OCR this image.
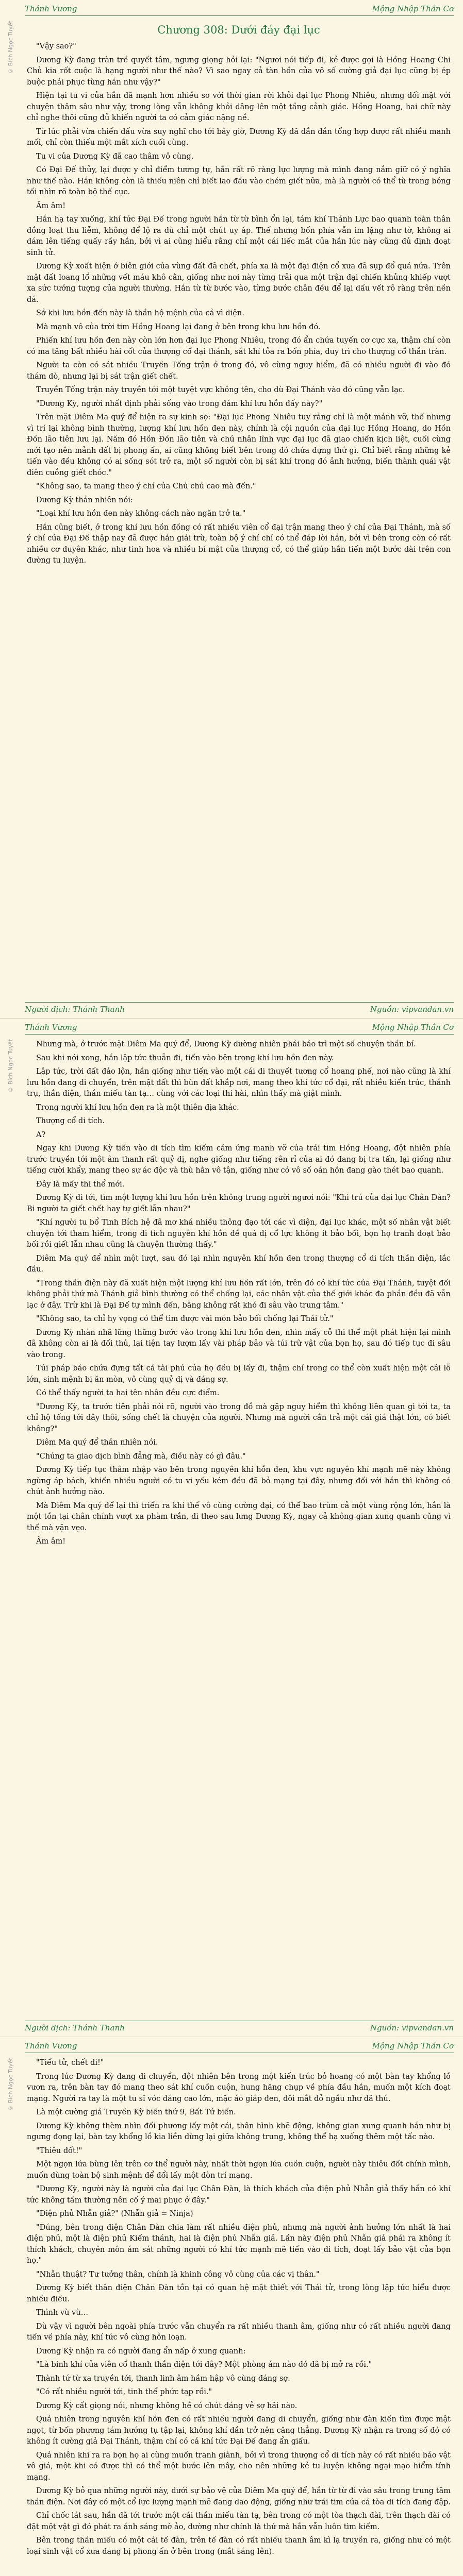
© Bích Ngọc Tuyết
Thánh Vương	Mộng Nhập Thần Cơ
Chương 308: Dưới đáy đại lục

"Vậy sao?"

Dương Kỳ đang tràn trề quyết tâm, ngưng giọng hỏi lại: "Ngươi nói tiếp đi, kẻ được gọi là Hồng Hoang Chi Chủ kia rốt cuộc là hạng người như thế nào? Vì sao ngay cả tàn hồn của vô số cường giả đại lục cũng bị ép buộc phải phục tùng hắn như vậy?"

Hiện tại tu vi của hắn đã mạnh hơn nhiều so với thời gian rời khỏi đại lục Phong Nhiêu, nhưng đối mặt với chuyện thâm sâu như vậy, trong lòng vẫn không khỏi dâng lên một tầng cảnh giác. Hồng Hoang, hai chữ này chỉ nghe thôi cũng đủ khiến người ta có cảm giác nặng nề.

Từ lúc phải vừa chiến đấu vừa suy nghĩ cho tới bây giờ, Dương Kỳ đã dần dần tổng hợp được rất nhiều manh mối, chỉ còn thiếu một mắt xích cuối cùng.

Tu vi của Dương Kỳ đã cao thâm vô cùng.

Có Đại Đế thủy, lại được y chỉ điểm tương tự, hắn rất rõ ràng lực lượng mà mình đang nắm giữ có ý nghĩa như thế nào. Hắn không còn là thiếu niên chỉ biết lao đầu vào chém giết nữa, mà là người có thể từ trong bóng tối nhìn rõ toàn bộ thế cục.

Âm âm!

Hắn hạ tay xuống, khí tức Đại Đế trong người hắn từ từ bình ổn lại, tám khí Thánh Lực bao quanh toàn thân đồng loạt thu liễm, không để lộ ra dù chỉ một chút uy áp. Thế nhưng bốn phía vẫn im lặng như tờ, không ai dám lên tiếng quấy rầy hắn, bởi vì ai cũng hiểu rằng chỉ một cái liếc mắt của hắn lúc này cũng đủ định đoạt sinh tử.

Dương Kỳ xoất hiện ở biên giới của vùng đất đã chết, phía xa là một đại điện cổ xưa đã sụp đổ quá nửa. Trên mặt đất loang lổ những vết máu khô cằn, giống như nơi này từng trải qua một trận đại chiến khủng khiếp vượt xa sức tưởng tượng của người thường. Hắn từ từ bước vào, từng bước chân đều để lại dấu vết rõ ràng trên nền đá.

Sở khi lưu hồn đến này là thần hộ mệnh của cả vì diện.

Mà mạnh vô của trời tim Hồng Hoang lại đang ở bên trong khu lưu hồn đó.

Phiến khí lưu hồn đen này còn lớn hơn đại lục Phong Nhiêu, trong đó ẩn chứa tuyến cơ cực xa, thậm chí còn có ma tăng bất nhiều hài cốt của thượng cổ đại thánh, sát khí tỏa ra bốn phía, duy trì cho thượng cổ thần tràn.

Người ta còn có sát nhiều Truyền Tống trận ở trong đó, vô cùng nguy hiểm, đã có nhiều người đi vào đó thám dò, nhưng lại bị sát trận giết chết.

Truyền Tống trận này truyền tới một tuyệt vực không tên, cho dù Đại Thánh vào đó cũng vẫn lạc.

"Dương Kỳ, người nhất định phải sống vào trong đám khí lưu hồn đấy này?"

Trên mặt Diêm Ma quý để hiện ra sự kinh sợ: "Đại lục Phong Nhiêu tuy rằng chỉ là một mảnh vỡ, thế nhưng vì trí lại không bình thường, lượng khí lưu hồn đen này, chính là cội nguồn của đại lục Hồng Hoang, do Hồn Đồn lão tiên lưu lại. Năm đó Hồn Đồn lão tiên và chủ nhân lĩnh vực đại lục đã giao chiến kịch liệt, cuối cùng mới tạo nên mảnh đất bị phong ấn, ai cũng không biết bên trong đó chứa đựng thứ gì. Chỉ biết rằng những kẻ tiến vào đều không có ai sống sót trở ra, một số người còn bị sát khí trong đó ảnh hưởng, biến thành quái vật điên cuồng giết chóc."

"Không sao, ta mang theo ý chí của Chủ chủ cao mà đến."

Dương Kỳ thản nhiên nói:

"Loại khí lưu hồn đen này không cách nào ngăn trở ta."

Hắn cũng biết, ở trong khí lưu hồn đồng có rất nhiều viên cổ đại trận mang theo ý chí của Đại Thánh, mà số ý chí của Đại Đế thập nay đã được hắn giải trừ, toàn bộ ý chí chỉ có thể đáp lời hắn, bởi vì bên trong còn có rất nhiều cơ duyên khác, như tinh hoa và nhiều bí mật của thượng cổ, có thể giúp hắn tiến một bước dài trên con đường tu luyện.

Người dịch: Thánh Thanh	Nguồn: vipvandan.vn
© Bích Ngọc Tuyết
Thánh Vương	Mộng Nhập Thần Cơ

Nhưng mà, ở trước mặt Diêm Ma quý để, Dương Kỳ dường nhiên phải bảo trì một số chuyện thần bí.

Sau khi nói xong, hắn lập tức thuẫn đi, tiến vào bên trong khí lưu hồn đen này.

Lập tức, trời đất đảo lộn, hắn giống như tiến vào một cái di thuyết tương cổ hoang phế, nơi nào cũng là khí lưu hồn đang di chuyển, trên mặt đất thì bùn đất khắp nơi, mang theo khí tức cổ đại, rất nhiều kiến trúc, thánh trụ, thần điện, thần miếu tàn tạ… cùng với các loại thi hài, nhìn thấy mà giật mình.

Trong người khí lưu hồn đen ra là một thiên địa khác.

Thượng cổ di tích.

A?

Ngay khi Dương Kỳ tiến vào di tích tìm kiếm cảm ứng manh vỡ của trái tim Hồng Hoang, đột nhiên phía trước truyền tới một âm thanh rất quỷ dị, nghe giống như tiếng rên rỉ của ai đó đang bị tra tấn, lại giống như tiếng cười khẩy, mang theo sự ác độc và thù hằn vô tận, giống như có vô số oán hồn đang gào thét bao quanh.

Đây là mấy thi thể mới.

Dương Kỳ đi tới, tìm một lượng khí lưu hồn trên không trung người ngươi nói: "Khi trú của đại lục Chân Đàn? Bi người ta giết chết hay tự giết lẫn nhau?"

"Khí người tu bổ Tinh Bích hệ đã mơ khá nhiều thông đạo tới các vì diện, đại lục khác, một số nhân vật biết chuyện tới tham hiểm, trong di tích nguyên khí hồn đề quá dị cổ lực không ít bảo bối, bọn họ tranh đoạt bảo bối rồi giết lẫn nhau cũng là chuyện thường thấy."

Diêm Ma quý để nhìn một lượt, sau đó lại nhìn nguyên khí hồn đen trong thượng cổ di tích thần điện, lắc đầu.

"Trong thần điện này đã xuất hiện một lượng khí lưu hồn rất lớn, trên đó có khí tức của Đại Thánh, tuyệt đối không phải thứ mà Thánh giả bình thường có thể chống lại, các nhân vật của thế giới khác đa phần đều đã vẫn lạc ở đây. Trừ khi là Đại Đế tự mình đến, bằng không rất khó đi sâu vào trung tâm."

"Không sao, ta chỉ hy vọng có thể tìm được vài món bảo bối chống lại Thái tử."

Dương Kỳ nhàn nhã lững thững bước vào trong khí lưu hồn đen, nhìn mấy cỗ thi thể một phát hiện lại mình đã không còn ai là đối thủ, lại tiện tay lượm lấy vài pháp bảo và túi trữ vật của bọn họ, sau đó tiếp tục đi sâu vào trong.

Túi pháp bảo chứa đựng tất cả tài phú của họ đều bị lấy đi, thậm chí trong cơ thể còn xuất hiện một cái lỗ lớn, sinh mệnh bị ăn mòn, vô cùng quỷ dị và đáng sợ.

Có thể thấy người ta hai tên nhân đều cực điểm.

"Dương Kỳ, ta trước tiên phải nói rõ, người vào trong đồ mà gặp nguy hiểm thì không liên quan gì tới ta, ta chỉ hộ tống tới đây thôi, sống chết là chuyện của người. Nhưng mà người cần trả một cái giá thật lớn, có biết không?"

Diêm Ma quý để thản nhiên nói.

"Chúng ta giao dịch bình đẳng mà, điều này có gì đâu."

Dương Kỳ tiếp tục thâm nhập vào bên trong nguyên khí hồn đen, khu vực nguyên khí mạnh mẽ này không ngừng áp bách, khiến nhiều người có tu vi yếu kém đều đã bỏ mạng tại đây, nhưng đối với hắn thì không có chút ảnh hưởng nào.

Mà Diêm Ma quý để lại thì triển ra khí thế vô cùng cường đại, có thể bao trùm cả một vùng rộng lớn, hắn là một tồn tại chân chính vượt xa phàm trần, đi theo sau lưng Dương Kỳ, ngay cả không gian xung quanh cũng vì thế mà vặn vẹo.

Âm âm!

Người dịch: Thánh Thanh	Nguồn: vipvandan.vn
© Bích Ngọc Tuyết
Thánh Vương	Mộng Nhập Thần Cơ

"Tiểu tử, chết đi!"

Trong lúc Dương Kỳ đang đi chuyển, đột nhiên bên trong một kiến trúc bỏ hoang có một bàn tay khổng lồ vươn ra, trên bàn tay đó mang theo sát khí cuồn cuộn, hung hăng chụp về phía đầu hắn, muốn một kích đoạt mạng. Người ra tay là một tu sĩ vóc dáng cao lớn, mặc áo giáp đen, đôi mắt đỏ ngầu như dã thú.

Là một cường giả Truyền Kỳ biến thứ 9, Bất Tử biến.

Dương Kỳ không thèm nhìn đối phương lấy một cái, thân hình khẽ động, không gian xung quanh hắn như bị ngưng đọng lại, bàn tay khổng lồ kia liền dừng lại giữa không trung, không thể hạ xuống thêm một tấc nào.

"Thiêu đốt!"

Một ngọn lửa bùng lên trên cơ thể người này, nhất thời ngọn lửa cuồn cuộn, người này thiêu đốt chính mình, muốn dùng toàn bộ sinh mệnh để đổi lấy một đòn trí mạng.

"Dương Kỳ, người này là người của đại lục Chân Đàn, là thích khách của điện phủ Nhẫn giả thấy hắn có khí tức không tầm thường nên cố ý mai phục ở đây."

"Điện phủ Nhẫn giả?" (Nhẫn giả = Ninja)

"Đúng, bên trong điện Chân Đàn chia làm rất nhiều điện phủ, nhưng mà người ảnh hưởng lớn nhất là hai điện phủ, một là điện phủ Kiếm thánh, hai là điện phủ Nhẫn giả. Lần này điện phủ Nhẫn giả phái ra không ít thích khách, chuyên môn ám sát những người có khí tức mạnh mẽ tiến vào di tích, đoạt lấy bảo vật của bọn họ."

"Nhẫn thuật? Tư tưởng thân, chính là khinh công vô cùng của các vị thân."

Dương Kỳ biết thân điện Chân Đàn tồn tại có quan hệ mật thiết với Thái tử, trong lòng lập tức hiểu được nhiều điều.

Thình vù vù…

Dù vậy vì người bên ngoài phía trước vẫn chuyển ra rất nhiều thanh âm, giống như có rất nhiều người đang tiến về phía này, khí tức vô cùng hỗn loạn.

Dương Kỳ nhận ra có người đang ẩn nấp ở xung quanh:

"Là binh khí của viên cổ thanh thần điện tới đây? Một phòng ám nào đó đã bị mở ra rồi."

Thành tứ từ xa truyền tới, thanh linh âm hầm hập vô cùng đáng sợ.

"Có rất nhiều người tới, tinh thể phức tạp rồi."

Dương Kỳ cất giọng nói, nhưng không hề có chút dáng vẻ sợ hãi nào.

Quả nhiên trong nguyên khí hồn đen có rất nhiều người đang di chuyển, giống như đàn kiến tìm được mật ngọt, từ bốn phương tám hướng tụ tập lại, không khí dần trở nên căng thẳng. Dương Kỳ nhận ra trong số đó có không ít cường giả Đại Thánh, thậm chí có cả khí tức Đại Đế đang ẩn giấu.

Quả nhiên khi ra ra bọn họ ai cũng muốn tranh giành, bởi vì trong thượng cổ di tích này có rất nhiều bảo vật vô giá, một khi có được thì có thể một bước lên mây, cho nên những kẻ tu luyện không ngại mạo hiểm tính mạng.

Dương Kỳ bỏ qua những người này, dưới sự bảo vệ của Diêm Ma quý để, hắn từ từ đi vào sâu trong trung tâm thần điện. Nơi đây có một cổ lực lượng mạnh mẽ đang dao động, giống như trái tim của cả tòa di tích đang đập.

Chỉ chốc lát sau, hắn đã tới trước một cái thần miếu tàn tạ, bên trong có một tòa thạch đài, trên thạch đài có đặt một vật gì đó phát ra ánh sáng mờ ảo, dường như chính là thứ mà hắn vẫn luôn tìm kiếm.

Bên trong thần miếu có một cái tế đàn, trên tế đàn có rất nhiều thanh âm kì lạ truyền ra, giống như có một loại sinh vật cổ xưa đang bị phong ấn ở bên trong (mắt sáng lên).
